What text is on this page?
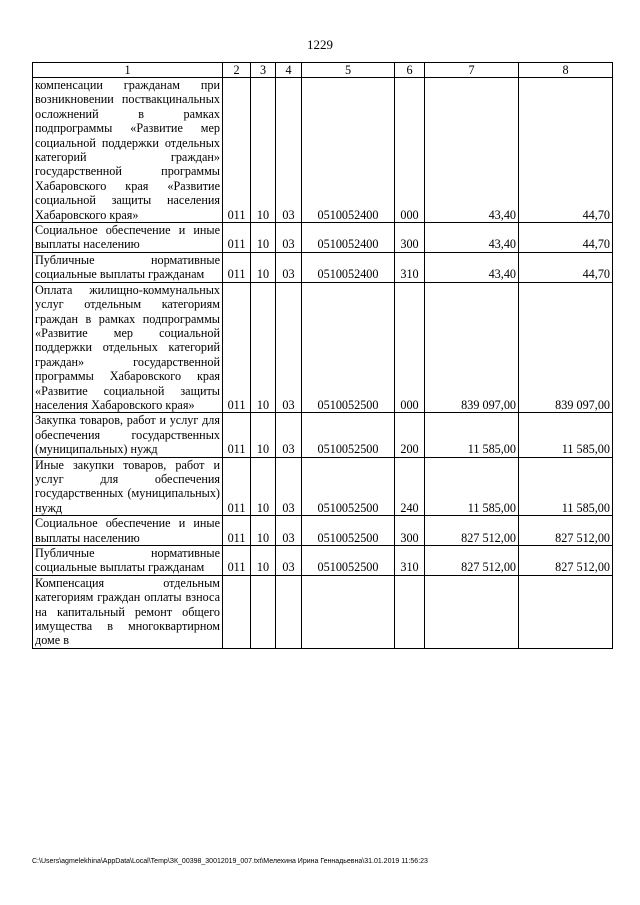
1229
1	2	3	4	5	6	7	8
компенсации гражданам при возникновении поствакцинальных осложнений в рамках подпрограммы «Развитие мер социальной поддержки отдельных категорий граждан» государственной программы Хабаровского края «Развитие социальной защиты населения Хабаровского края»	011	10	03	0510052400	000	43,40	44,70
Социальное обеспечение и иные выплаты населению	011	10	03	0510052400	300	43,40	44,70
Публичные нормативные социальные выплаты гражданам	011	10	03	0510052400	310	43,40	44,70
Оплата жилищно-коммунальных услуг отдельным категориям граждан в рамках подпрограммы «Развитие мер социальной поддержки отдельных категорий граждан» государственной программы Хабаровского края «Развитие социальной защиты населения Хабаровского края»	011	10	03	0510052500	000	839 097,00	839 097,00
Закупка товаров, работ и услуг для обеспечения государственных (муниципальных) нужд	011	10	03	0510052500	200	11 585,00	11 585,00
Иные закупки товаров, работ и услуг для обеспечения государственных (муниципальных) нужд	011	10	03	0510052500	240	11 585,00	11 585,00
Социальное обеспечение и иные выплаты населению	011	10	03	0510052500	300	827 512,00	827 512,00
Публичные нормативные социальные выплаты гражданам	011	10	03	0510052500	310	827 512,00	827 512,00
Компенсация отдельным категориям граждан оплаты взноса на капитальный ремонт общего имущества в многоквартирном доме в							
C:\Users\agmelekhina\AppData\Local\Temp\ЗК_00398_30012019_007.txt\Мелехина Ирина Геннадьевна\31.01.2019 11:56:23
